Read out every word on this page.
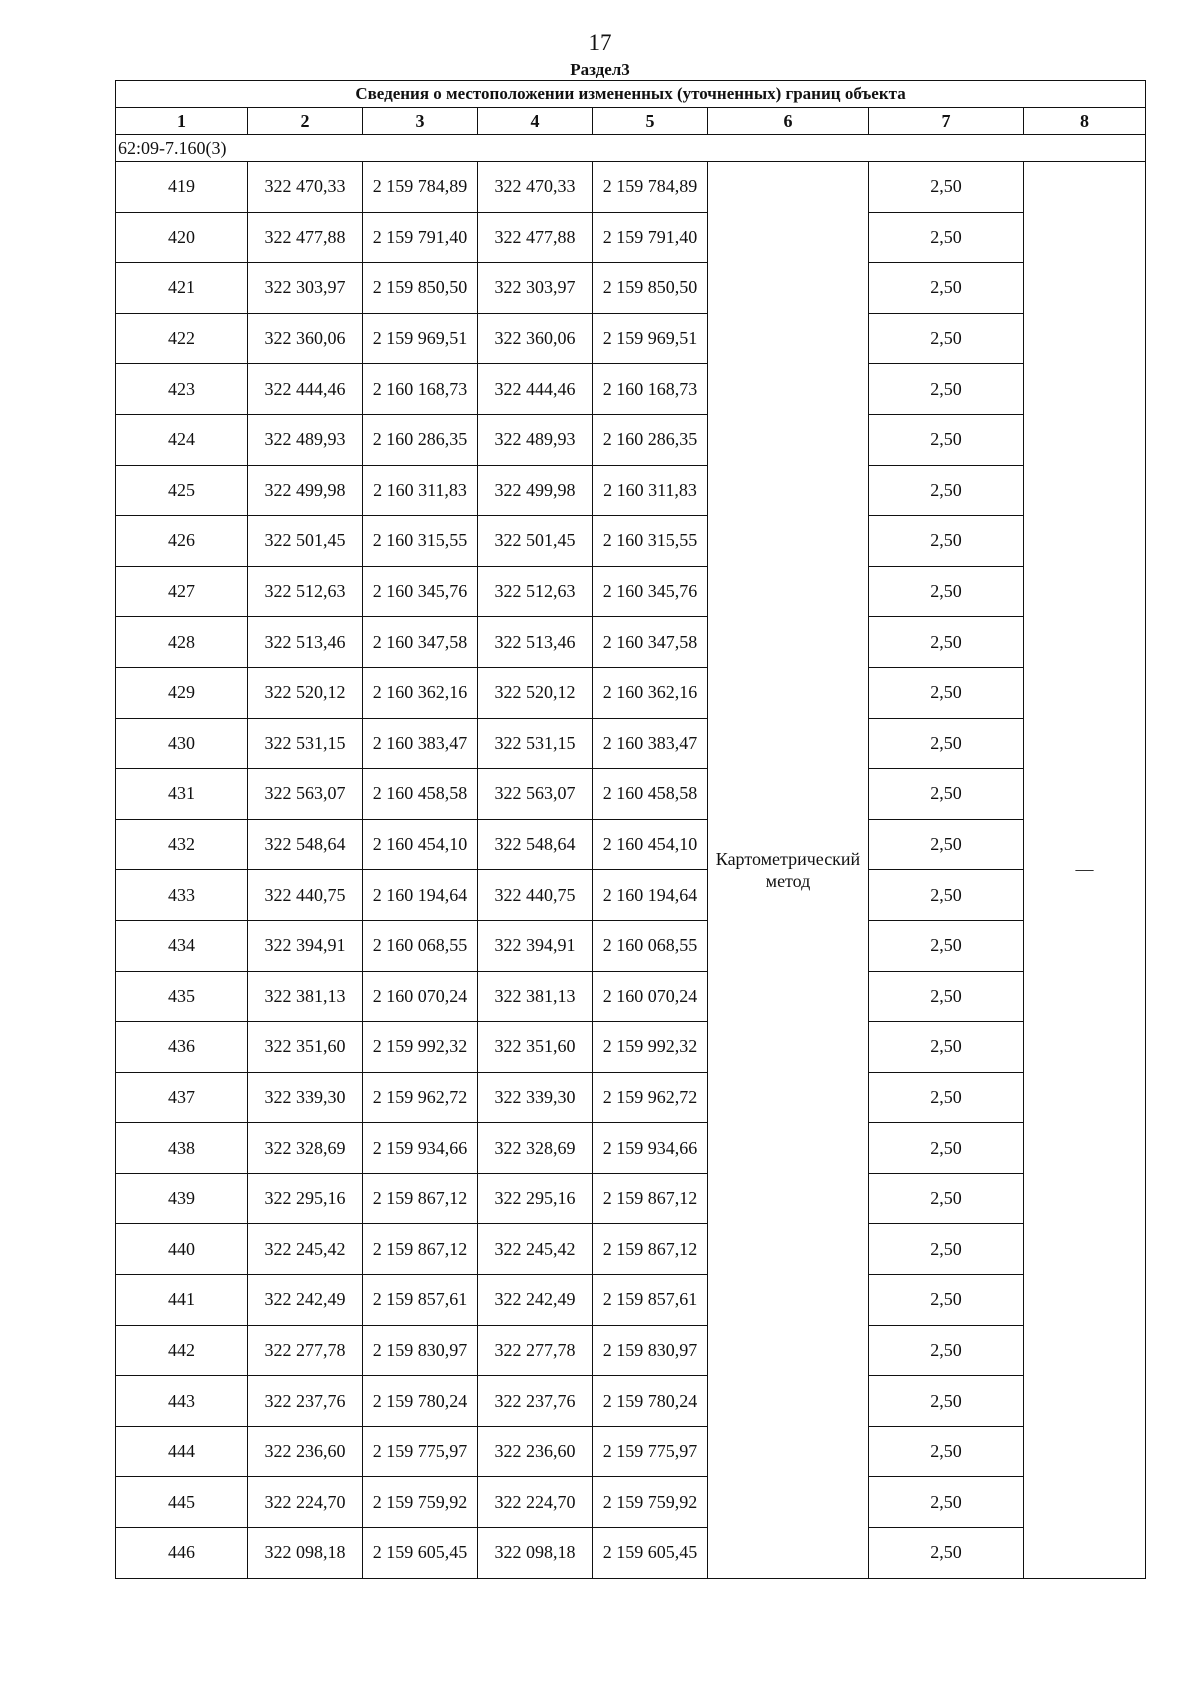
17
Раздел3
Сведения о местоположении измененных (уточненных) границ объекта							
1	2	3	4	5	6	7	8
62:09-7.160(3)							
419	322 470,33	2 159 784,89	322 470,33	2 159 784,89	Картометрический метод	2,50	—
420	322 477,88	2 159 791,40	322 477,88	2 159 791,40		2,50	
421	322 303,97	2 159 850,50	322 303,97	2 159 850,50		2,50	
422	322 360,06	2 159 969,51	322 360,06	2 159 969,51		2,50	
423	322 444,46	2 160 168,73	322 444,46	2 160 168,73		2,50	
424	322 489,93	2 160 286,35	322 489,93	2 160 286,35		2,50	
425	322 499,98	2 160 311,83	322 499,98	2 160 311,83		2,50	
426	322 501,45	2 160 315,55	322 501,45	2 160 315,55		2,50	
427	322 512,63	2 160 345,76	322 512,63	2 160 345,76		2,50	
428	322 513,46	2 160 347,58	322 513,46	2 160 347,58		2,50	
429	322 520,12	2 160 362,16	322 520,12	2 160 362,16		2,50	
430	322 531,15	2 160 383,47	322 531,15	2 160 383,47		2,50	
431	322 563,07	2 160 458,58	322 563,07	2 160 458,58		2,50	
432	322 548,64	2 160 454,10	322 548,64	2 160 454,10		2,50	
433	322 440,75	2 160 194,64	322 440,75	2 160 194,64		2,50	
434	322 394,91	2 160 068,55	322 394,91	2 160 068,55		2,50	
435	322 381,13	2 160 070,24	322 381,13	2 160 070,24		2,50	
436	322 351,60	2 159 992,32	322 351,60	2 159 992,32		2,50	
437	322 339,30	2 159 962,72	322 339,30	2 159 962,72		2,50	
438	322 328,69	2 159 934,66	322 328,69	2 159 934,66		2,50	
439	322 295,16	2 159 867,12	322 295,16	2 159 867,12		2,50	
440	322 245,42	2 159 867,12	322 245,42	2 159 867,12		2,50	
441	322 242,49	2 159 857,61	322 242,49	2 159 857,61		2,50	
442	322 277,78	2 159 830,97	322 277,78	2 159 830,97		2,50	
443	322 237,76	2 159 780,24	322 237,76	2 159 780,24		2,50	
444	322 236,60	2 159 775,97	322 236,60	2 159 775,97		2,50	
445	322 224,70	2 159 759,92	322 224,70	2 159 759,92		2,50	
446	322 098,18	2 159 605,45	322 098,18	2 159 605,45		2,50	
